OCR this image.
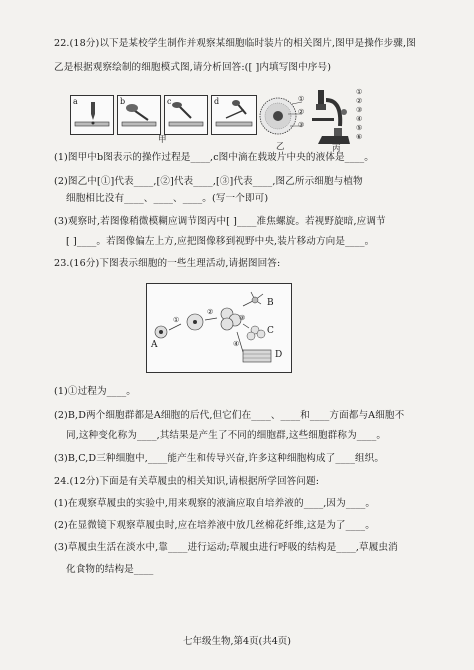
22.(18分)以下是某校学生制作并观察某细胞临时装片的相关图片,图甲是操作步骤,图
乙是根据观察绘制的细胞模式图,请分析回答:([ ]内填写图中序号)
a	b	c	d
甲
①
②
③
乙
①
②
③
④
⑤
⑥
丙
(1)图甲中b图表示的操作过程是____,c图中滴在载玻片中央的液体是____。
(2)图乙中[①]代表____,[②]代表____,[③]代表____,图乙所示细胞与植物
细胞相比没有____、____、____。(写一个即可)
(3)观察时,若图像稍微模糊应调节图丙中[ ]____准焦螺旋。若视野旋暗,应调节
[ ]____。若图像偏左上方,应把图像移到视野中央,装片移动方向是____。
23.(16分)下图表示细胞的一些生理活动,请据图回答:
A
B
C
D
①
②
③
④
(1)①过程为____。
(2)B,D两个细胞群都是A细胞的后代,但它们在____、____和____方面都与A细胞不
同,这种变化称为____,其结果是产生了不同的细胞群,这些细胞群称为____。
(3)B,C,D三种细胞中,____能产生和传导兴奋,许多这种细胞构成了____组织。
24.(12分)下面是有关草履虫的相关知识,请根据所学回答问题:
(1)在观察草履虫的实验中,用来观察的液滴应取自培养液的____,因为____。
(2)在显微镜下观察草履虫时,应在培养液中放几丝棉花纤维,这是为了____。
(3)草履虫生活在淡水中,靠____进行运动;草履虫进行呼吸的结构是____,草履虫消
化食物的结构是____
七年级生物,第4页(共4页)
